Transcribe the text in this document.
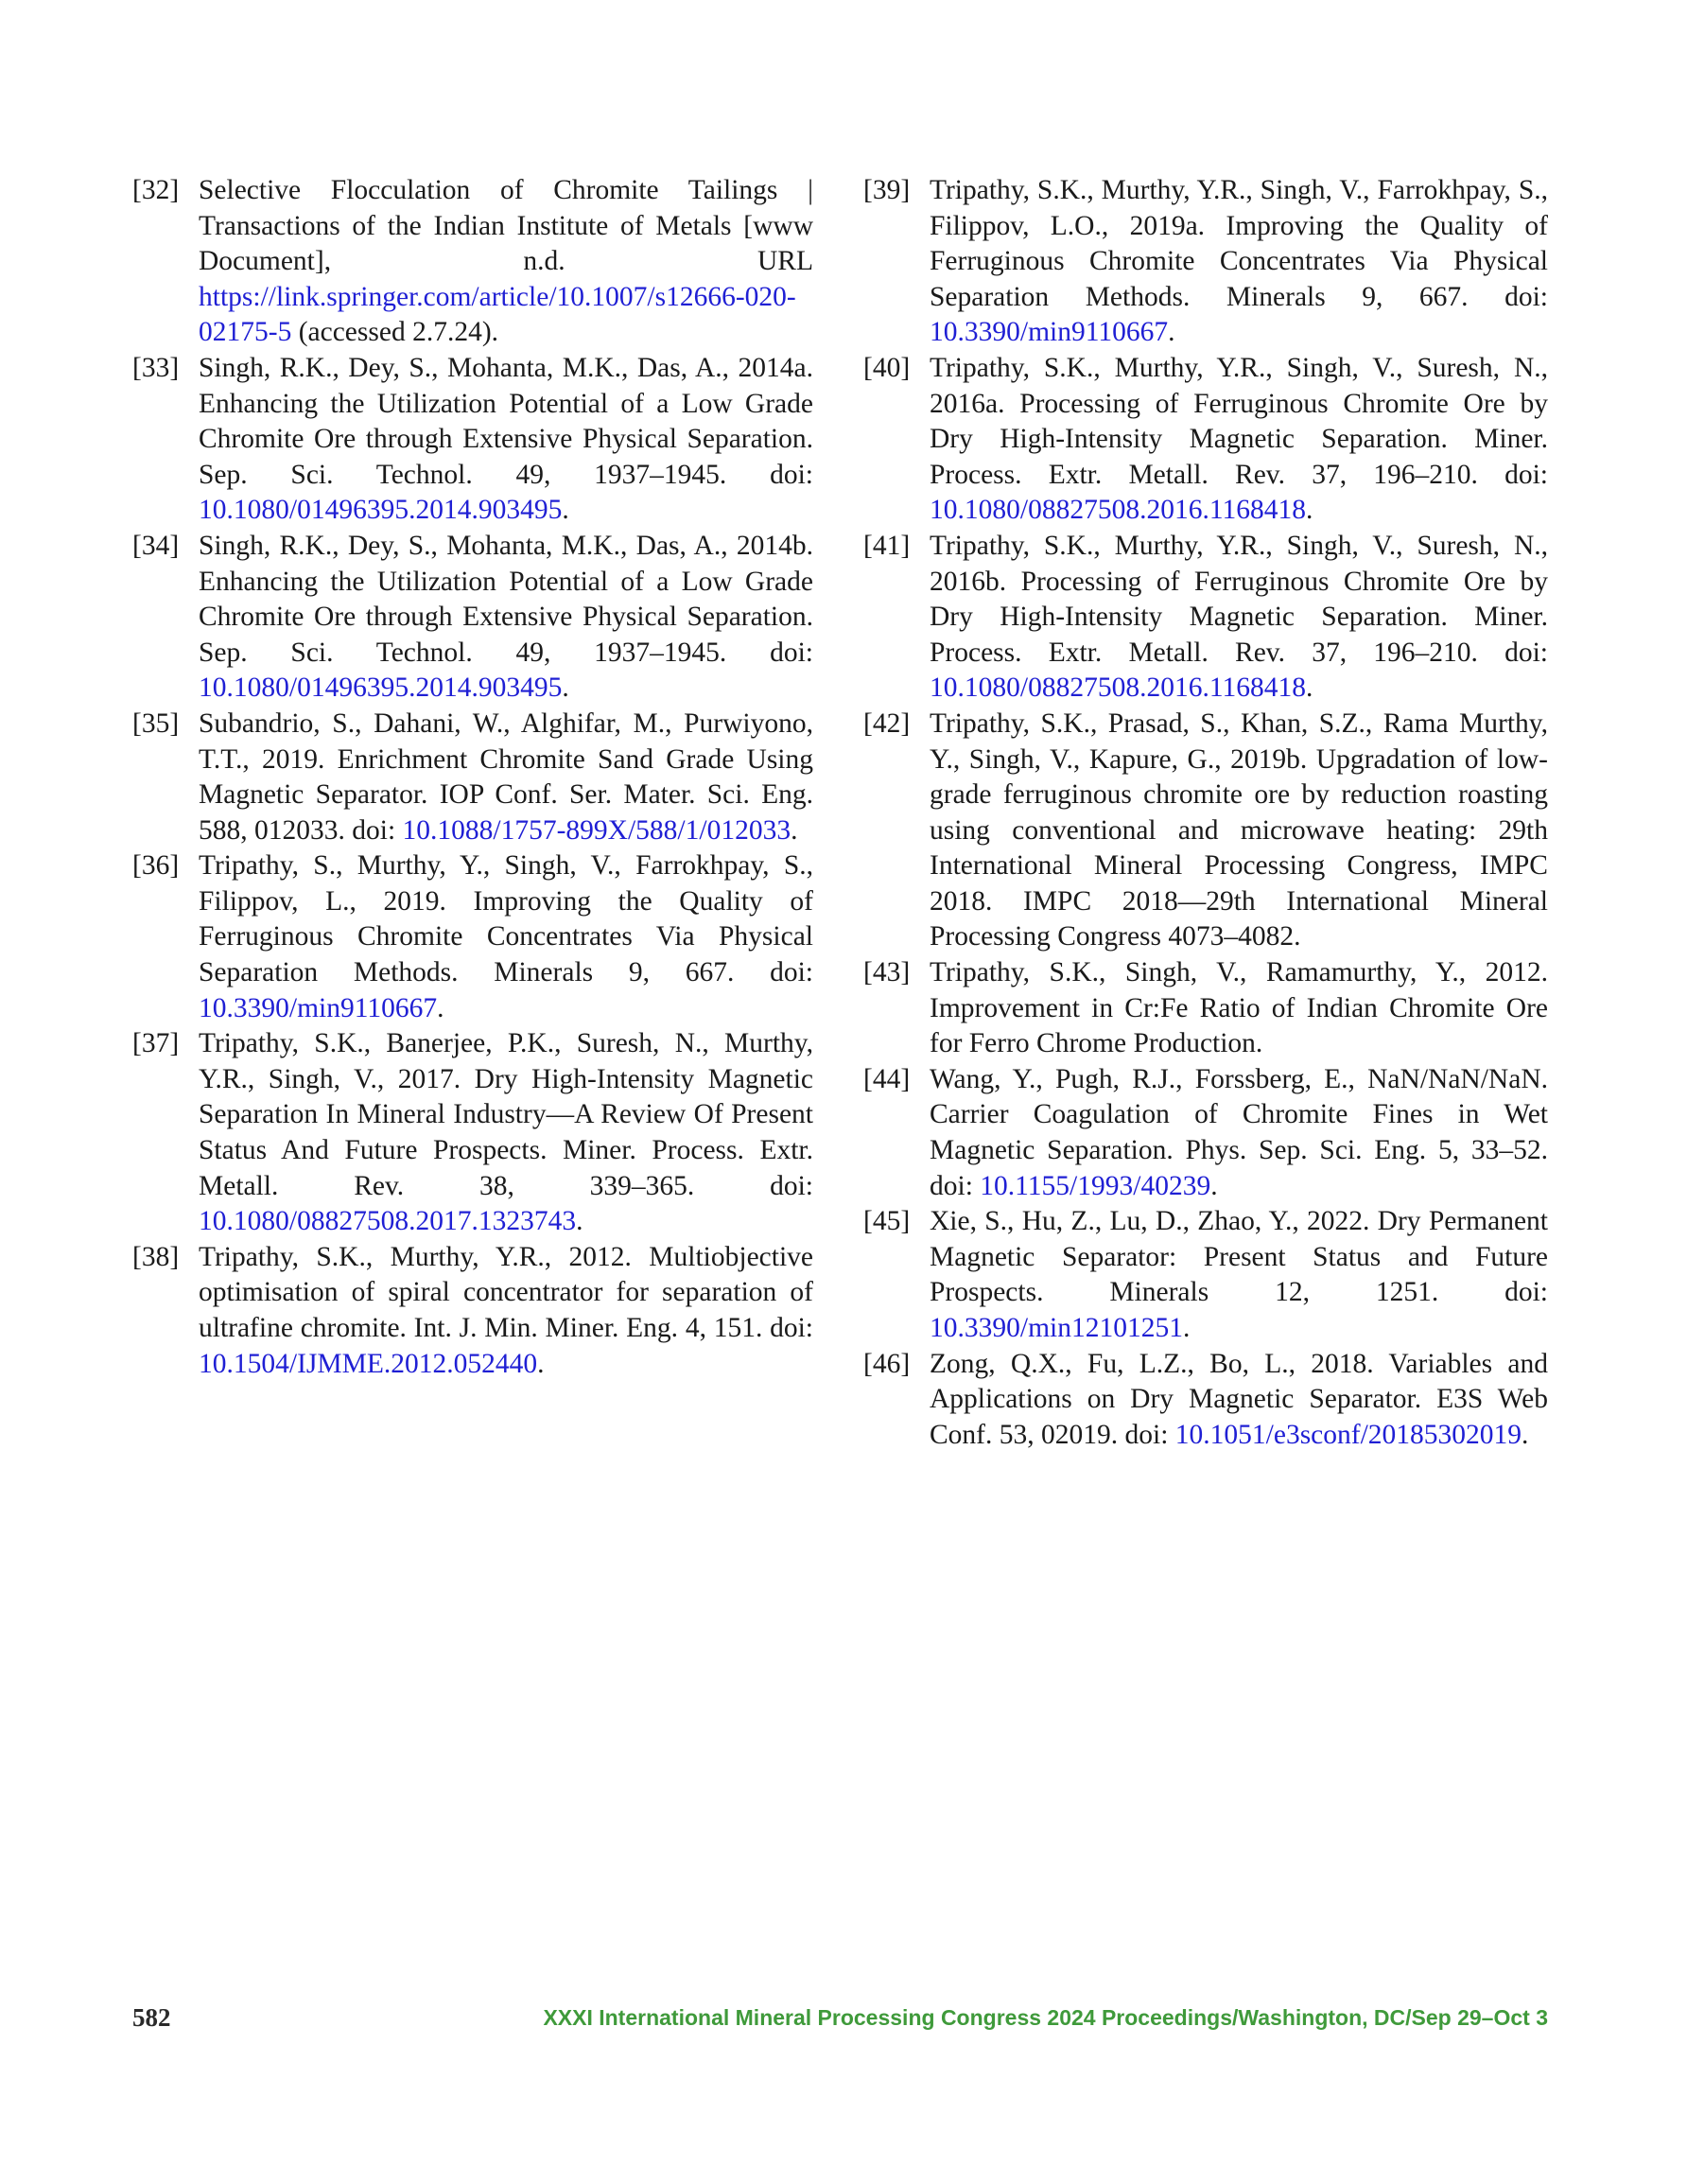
[32] Selective Flocculation of Chromite Tailings | Transactions of the Indian Institute of Metals [www Document], n.d. URL https://link.springer.com/article/10.1007/s12666-020-02175-5 (accessed 2.7.24).
[33] Singh, R.K., Dey, S., Mohanta, M.K., Das, A., 2014a. Enhancing the Utilization Potential of a Low Grade Chromite Ore through Extensive Physical Separation. Sep. Sci. Technol. 49, 1937–1945. doi: 10.1080/01496395.2014.903495.
[34] Singh, R.K., Dey, S., Mohanta, M.K., Das, A., 2014b. Enhancing the Utilization Potential of a Low Grade Chromite Ore through Extensive Physical Separation. Sep. Sci. Technol. 49, 1937–1945. doi: 10.1080/01496395.2014.903495.
[35] Subandrio, S., Dahani, W., Alghifar, M., Purwiyono, T.T., 2019. Enrichment Chromite Sand Grade Using Magnetic Separator. IOP Conf. Ser. Mater. Sci. Eng. 588, 012033. doi: 10.1088/1757-899X/588/1/012033.
[36] Tripathy, S., Murthy, Y., Singh, V., Farrokhpay, S., Filippov, L., 2019. Improving the Quality of Ferruginous Chromite Concentrates Via Physical Separation Methods. Minerals 9, 667. doi: 10.3390/min9110667.
[37] Tripathy, S.K., Banerjee, P.K., Suresh, N., Murthy, Y.R., Singh, V., 2017. Dry High-Intensity Magnetic Separation In Mineral Industry—A Review Of Present Status And Future Prospects. Miner. Process. Extr. Metall. Rev. 38, 339–365. doi: 10.1080/08827508.2017.1323743.
[38] Tripathy, S.K., Murthy, Y.R., 2012. Multiobjective optimisation of spiral concentrator for separation of ultrafine chromite. Int. J. Min. Miner. Eng. 4, 151. doi: 10.1504/IJMME.2012.052440.
[39] Tripathy, S.K., Murthy, Y.R., Singh, V., Farrokhpay, S., Filippov, L.O., 2019a. Improving the Quality of Ferruginous Chromite Concentrates Via Physical Separation Methods. Minerals 9, 667. doi: 10.3390/min9110667.
[40] Tripathy, S.K., Murthy, Y.R., Singh, V., Suresh, N., 2016a. Processing of Ferruginous Chromite Ore by Dry High-Intensity Magnetic Separation. Miner. Process. Extr. Metall. Rev. 37, 196–210. doi: 10.1080/08827508.2016.1168418.
[41] Tripathy, S.K., Murthy, Y.R., Singh, V., Suresh, N., 2016b. Processing of Ferruginous Chromite Ore by Dry High-Intensity Magnetic Separation. Miner. Process. Extr. Metall. Rev. 37, 196–210. doi: 10.1080/08827508.2016.1168418.
[42] Tripathy, S.K., Prasad, S., Khan, S.Z., Rama Murthy, Y., Singh, V., Kapure, G., 2019b. Upgradation of low-grade ferruginous chromite ore by reduction roasting using conventional and microwave heating: 29th International Mineral Processing Congress, IMPC 2018. IMPC 2018—29th International Mineral Processing Congress 4073–4082.
[43] Tripathy, S.K., Singh, V., Ramamurthy, Y., 2012. Improvement in Cr:Fe Ratio of Indian Chromite Ore for Ferro Chrome Production.
[44] Wang, Y., Pugh, R.J., Forssberg, E., NaN/NaN/NaN. Carrier Coagulation of Chromite Fines in Wet Magnetic Separation. Phys. Sep. Sci. Eng. 5, 33–52. doi: 10.1155/1993/40239.
[45] Xie, S., Hu, Z., Lu, D., Zhao, Y., 2022. Dry Permanent Magnetic Separator: Present Status and Future Prospects. Minerals 12, 1251. doi: 10.3390/min12101251.
[46] Zong, Q.X., Fu, L.Z., Bo, L., 2018. Variables and Applications on Dry Magnetic Separator. E3S Web Conf. 53, 02019. doi: 10.1051/e3sconf/20185302019.
582	XXXI International Mineral Processing Congress 2024 Proceedings/Washington, DC/Sep 29–Oct 3
